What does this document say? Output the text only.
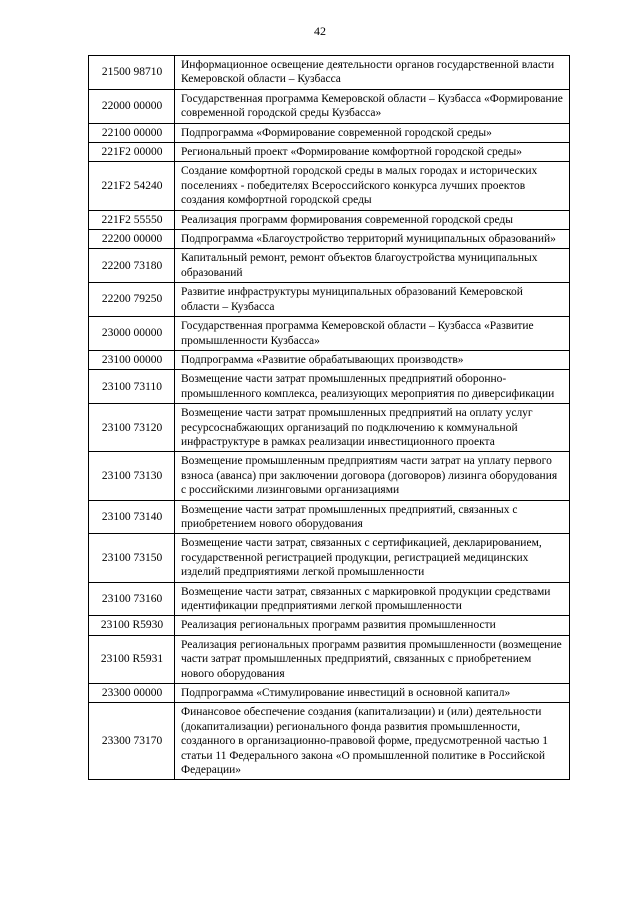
42
21500 98710	Информационное освещение деятельности органов государственной власти Кемеровской области – Кузбасса
22000 00000	Государственная программа Кемеровской области – Кузбасса «Формирование современной городской среды Кузбасса»
22100 00000	Подпрограмма «Формирование современной городской среды»
221F2 00000	Региональный проект «Формирование комфортной городской среды»
221F2 54240	Создание комфортной городской среды в малых городах и исторических поселениях - победителях Всероссийского конкурса лучших проектов создания комфортной городской среды
221F2 55550	Реализация программ формирования современной городской среды
22200 00000	Подпрограмма «Благоустройство территорий муниципальных образований»
22200 73180	Капитальный ремонт, ремонт объектов благоустройства муниципальных образований
22200 79250	Развитие инфраструктуры муниципальных образований Кемеровской области – Кузбасса
23000 00000	Государственная программа Кемеровской области – Кузбасса «Развитие промышленности Кузбасса»
23100 00000	Подпрограмма «Развитие обрабатывающих производств»
23100 73110	Возмещение части затрат промышленных предприятий оборонно-промышленного комплекса, реализующих мероприятия по диверсификации
23100 73120	Возмещение части затрат промышленных предприятий на оплату услуг ресурсоснабжающих организаций по подключению к коммунальной инфраструктуре в рамках реализации инвестиционного проекта
23100 73130	Возмещение промышленным предприятиям части затрат на уплату первого взноса (аванса) при заключении договора (договоров) лизинга оборудования с российскими лизинговыми организациями
23100 73140	Возмещение части затрат промышленных предприятий, связанных с приобретением нового оборудования
23100 73150	Возмещение части затрат, связанных с сертификацией, декларированием, государственной регистрацией продукции, регистрацией медицинских изделий предприятиями легкой промышленности
23100 73160	Возмещение части затрат, связанных с маркировкой продукции средствами идентификации предприятиями легкой промышленности
23100 R5930	Реализация региональных программ развития промышленности
23100 R5931	Реализация региональных программ развития промышленности (возмещение части затрат промышленных предприятий, связанных с приобретением нового оборудования
23300 00000	Подпрограмма «Стимулирование инвестиций в основной капитал»
23300 73170	Финансовое обеспечение создания (капитализации) и (или) деятельности (докапитализации) регионального фонда развития промышленности, созданного в организационно-правовой форме, предусмотренной частью 1 статьи 11 Федерального закона «О промышленной политике в Российской Федерации»
